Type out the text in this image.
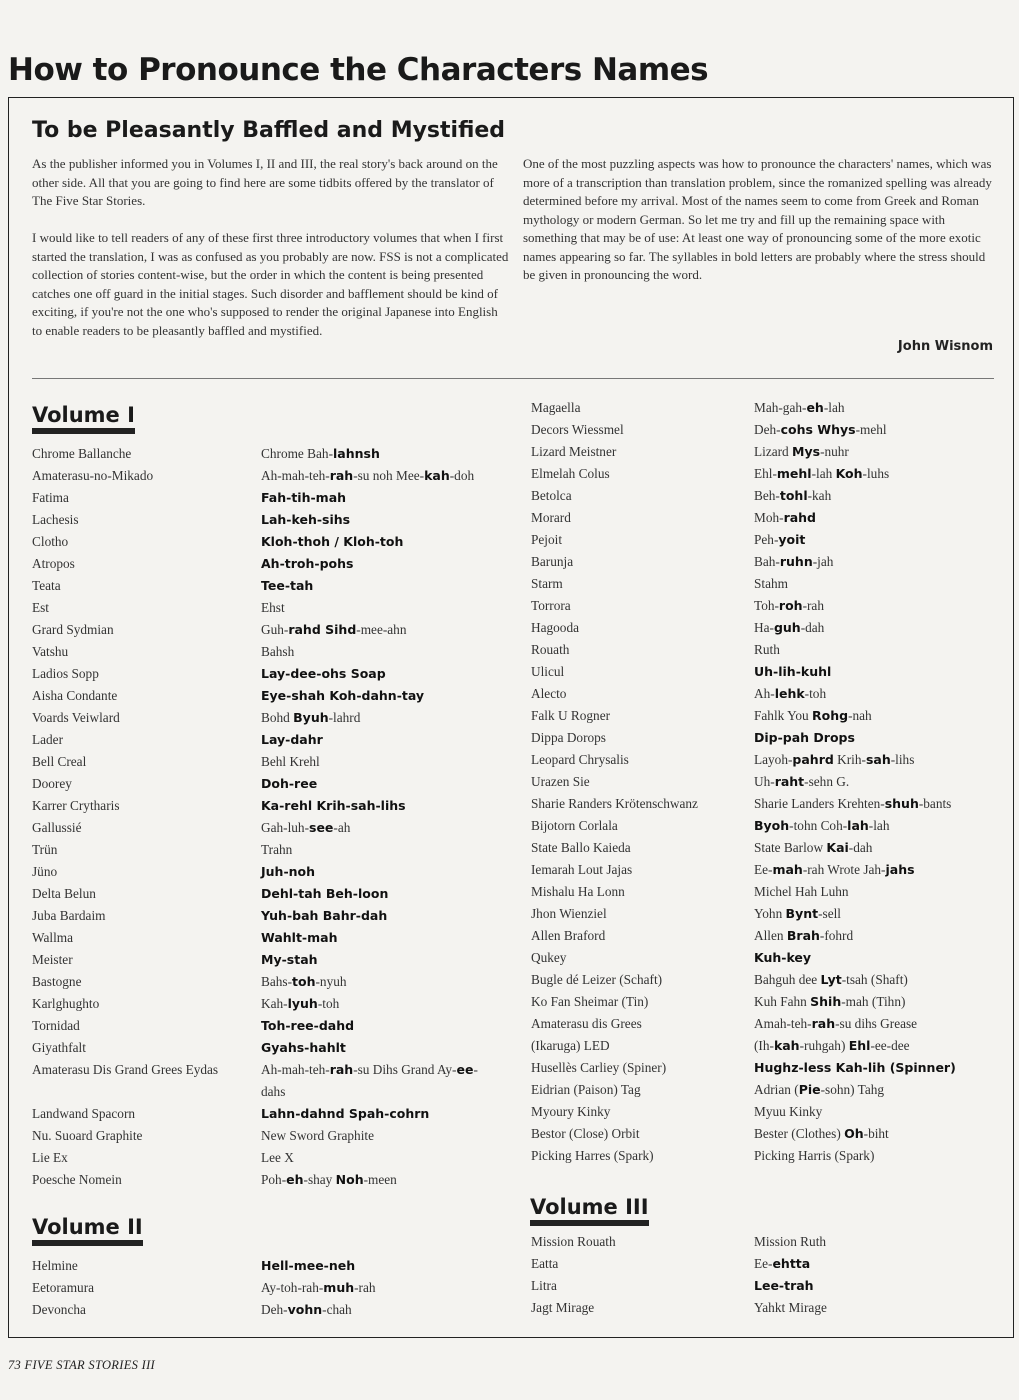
How to Pronounce the Characters Names
To be Pleasantly Baffled and Mystified

As the publisher informed you in Volumes I, II and III, the real story's back around on the other side. All that you are going to find here are some tidbits offered by the translator of The Five Star Stories.

I would like to tell readers of any of these first three introductory volumes that when I first started the translation, I was as confused as you probably are now. FSS is not a complicated collection of stories content-wise, but the order in which the content is being presented catches one off guard in the initial stages. Such disorder and bafflement should be kind of exciting, if you're not the one who's supposed to render the original Japanese into English to enable readers to be pleasantly baffled and mystified.

One of the most puzzling aspects was how to pronounce the characters' names, which was more of a transcription than translation problem, since the romanized spelling was already determined before my arrival. Most of the names seem to come from Greek and Roman mythology or modern German. So let me try and fill up the remaining space with something that may be of use: At least one way of pronouncing some of the more exotic names appearing so far. The syllables in bold letters are probably where the stress should be given in pronouncing the word.

John Wisnom
Volume I
Volume II
Volume III
Chrome Ballanche	Chrome Bah-lahnsh
Amaterasu-no-Mikado	Ah-mah-teh-rah-su noh Mee-kah-doh
Fatima	Fah-tih-mah
Lachesis	Lah-keh-sihs
Clotho	Kloh-thoh / Kloh-toh
Atropos	Ah-troh-pohs
Teata	Tee-tah
Est	Ehst
Grard Sydmian	Guh-rahd Sihd-mee-ahn
Vatshu	Bahsh
Ladios Sopp	Lay-dee-ohs Soap
Aisha Condante	Eye-shah Koh-dahn-tay
Voards Veiwlard	Bohd Byuh-lahrd
Lader	Lay-dahr
Bell Creal	Behl Krehl
Doorey	Doh-ree
Karrer Crytharis	Ka-rehl Krih-sah-lihs
Gallussié	Gah-luh-see-ah
Trün	Trahn
Jüno	Juh-noh
Delta Belun	Dehl-tah Beh-loon
Juba Bardaim	Yuh-bah Bahr-dah
Wallma	Wahlt-mah
Meister	My-stah
Bastogne	Bahs-toh-nyuh
Karlghughto	Kah-lyuh-toh
Tornidad	Toh-ree-dahd
Giyathfalt	Gyahs-hahlt
Amaterasu Dis Grand Grees Eydas	Ah-mah-teh-rah-su Dihs Grand Ay-ee-
dahs
Landwand Spacorn	Lahn-dahnd Spah-cohrn
Nu. Suoard Graphite	New Sword Graphite
Lie Ex	Lee X
Poesche Nomein	Poh-eh-shay Noh-meen
Helmine	Hell-mee-neh
Eetoramura	Ay-toh-rah-muh-rah
Devoncha	Deh-vohn-chah
Magaella	Mah-gah-eh-lah
Decors Wiessmel	Deh-cohs Whys-mehl
Lizard Meistner	Lizard Mys-nuhr
Elmelah Colus	Ehl-mehl-lah Koh-luhs
Betolca	Beh-tohl-kah
Morard	Moh-rahd
Pejoit	Peh-yoit
Barunja	Bah-ruhn-jah
Starm	Stahm
Torrora	Toh-roh-rah
Hagooda	Ha-guh-dah
Rouath	Ruth
Ulicul	Uh-lih-kuhl
Alecto	Ah-lehk-toh
Falk U Rogner	Fahlk You Rohg-nah
Dippa Dorops	Dip-pah Drops
Leopard Chrysalis	Layoh-pahrd Krih-sah-lihs
Urazen Sie	Uh-raht-sehn G.
Sharie Randers Krötenschwanz	Sharie Landers Krehten-shuh-bants
Bijotorn Corlala	Byoh-tohn Coh-lah-lah
State Ballo Kaieda	State Barlow Kai-dah
Iemarah Lout Jajas	Ee-mah-rah Wrote Jah-jahs
Mishalu Ha Lonn	Michel Hah Luhn
Jhon Wienziel	Yohn Bynt-sell
Allen Braford	Allen Brah-fohrd
Qukey	Kuh-key
Bugle dé Leizer (Schaft)	Bahguh dee Lyt-tsah (Shaft)
Ko Fan Sheimar (Tin)	Kuh Fahn Shih-mah (Tihn)
Amaterasu dis Grees	Amah-teh-rah-su dihs Grease
(Ikaruga) LED	(Ih-kah-ruhgah) Ehl-ee-dee
Husellès Carliey (Spiner)	Hughz-less Kah-lih (Spinner)
Eidrian (Paison) Tag	Adrian (Pie-sohn) Tahg
Myoury Kinky	Myuu Kinky
Bestor (Close) Orbit	Bester (Clothes) Oh-biht
Picking Harres (Spark)	Picking Harris (Spark)
Mission Rouath	Mission Ruth
Eatta	Ee-ehtta
Litra	Lee-trah
Jagt Mirage	Yahkt Mirage
73 FIVE STAR STORIES III
